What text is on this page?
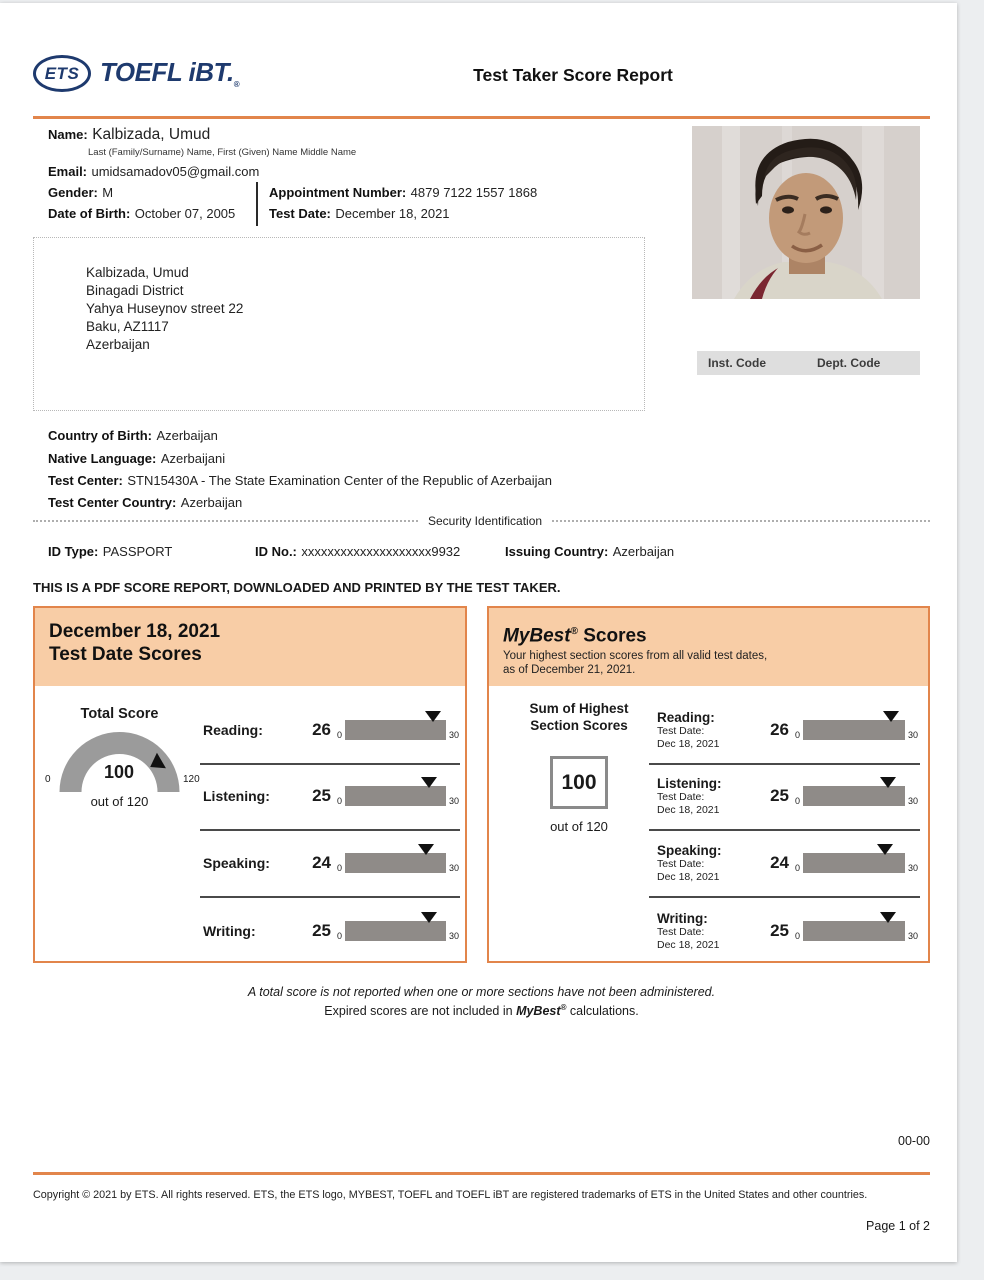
ETS TOEFL $iBT._®$
Test Taker Score Report
Name: Kalbizada, Umud
Last (Family/Surname) Name, First (Given) Name Middle Name
Email: umidsamadov05@gmail.com
Gender: M
Date of Birth: October 07, 2005
Appointment Number: 4879 7122 1557 1868
Test Date: December 18, 2021
Kalbizada, Umud
Binagadi District
Yahya Huseynov street 22
Baku, AZ1117
Azerbaijan
Inst. Code	Dept. Code
Country of Birth: Azerbaijan
Native Language: Azerbaijani
Test Center: STN15430A - The State Examination Center of the Republic of Azerbaijan
Test Center Country: Azerbaijan
Security Identification
ID Type: PASSPORT	ID No.: xxxxxxxxxxxxxxxxxxxx9932	Issuing Country: Azerbaijan
THIS IS A PDF SCORE REPORT, DOWNLOADED AND PRINTED BY THE TEST TAKER.
December 18, 2021
Test Date Scores
Total Score
0	120
100
out of 120
Reading:	26 0	30
Listening:	25 0	30
Speaking:	24 0	30
Writing:	25 0	30
MyBest® Scores
Your highest section scores from all valid test dates,
as of December 21, 2021.
Sum of Highest
Section Scores
100
out of 120
Reading:
Test Date:
Dec 18, 2021
26 0	30
Listening:
Test Date:
Dec 18, 2021
25 0	30
Speaking:
Test Date:
Dec 18, 2021
24 0	30
Writing:
Test Date:
Dec 18, 2021
25 0	30
A total score is not reported when one or more sections have not been administered.
Expired scores are not included in MyBest® calculations.
00-00
Copyright © 2021 by ETS. All rights reserved. ETS, the ETS logo, MYBEST, TOEFL and TOEFL iBT are registered trademarks of ETS in the United States and other countries.
Page 1 of 2
